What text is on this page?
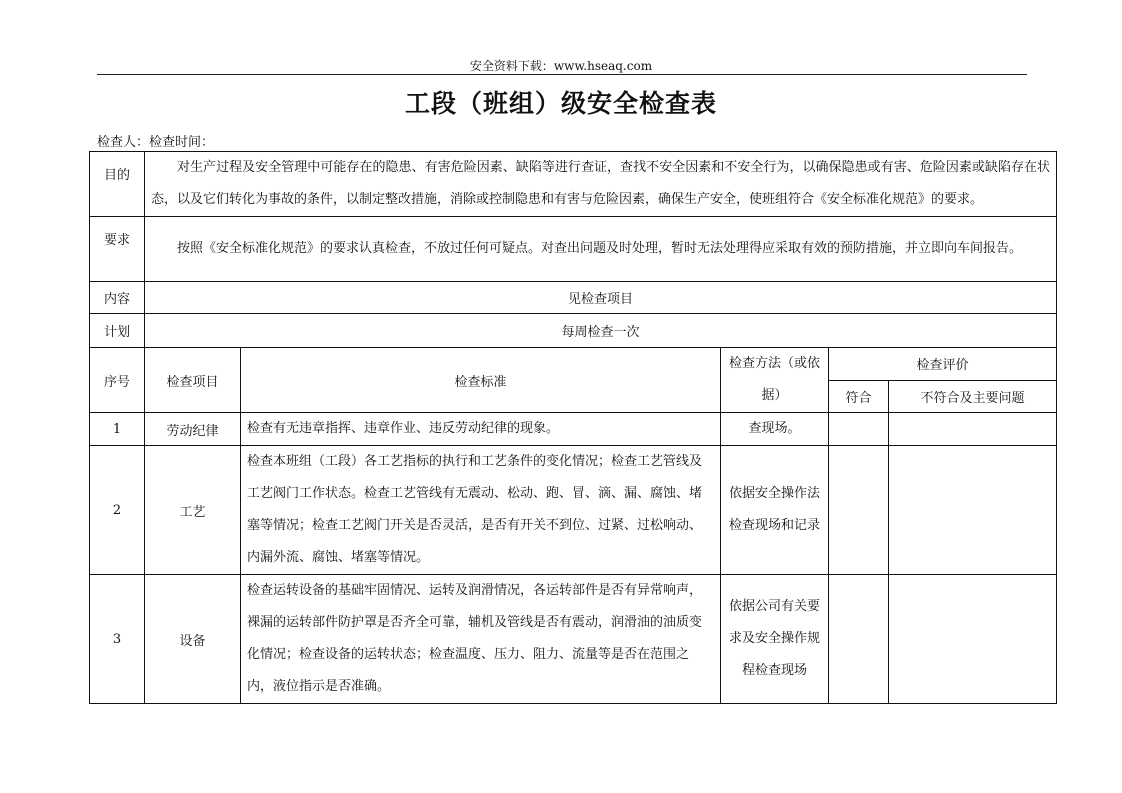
安全资料下载：www.hseaq.com
工段（班组）级安全检查表
检查人：检查时间：
目的	对生产过程及安全管理中可能存在的隐患、有害危险因素、缺陷等进行查证，查找不安全因素和不安全行为，以确保隐患或有害、危险因素或缺陷存在状态，以及它们转化为事故的条件，以制定整改措施，消除或控制隐患和有害与危险因素，确保生产安全，使班组符合《安全标准化规范》的要求。				
要求	按照《安全标准化规范》的要求认真检查，不放过任何可疑点。对查出问题及时处理，暂时无法处理得应采取有效的预防措施，并立即向车间报告。				
内容	见检查项目				
计划	每周检查一次				
序号	检查项目	检查标准	检查方法（或依据）	检查评价	
				符合	不符合及主要问题
1	劳动纪律	检查有无违章指挥、违章作业、违反劳动纪律的现象。	查现场。		
2	工艺	检查本班组（工段）各工艺指标的执行和工艺条件的变化情况；检查工艺管线及工艺阀门工作状态。检查工艺管线有无震动、松动、跑、冒、滴、漏、腐蚀、堵塞等情况；检查工艺阀门开关是否灵活，是否有开关不到位、过紧、过松响动、内漏外流、腐蚀、堵塞等情况。	依据安全操作法检查现场和记录		
3	设备	检查运转设备的基础牢固情况、运转及润滑情况，各运转部件是否有异常响声，裸漏的运转部件防护罩是否齐全可靠，辅机及管线是否有震动，润滑油的油质变化情况；检查设备的运转状态；检查温度、压力、阻力、流量等是否在范围之内，液位指示是否准确。	依据公司有关要求及安全操作规程检查现场		
